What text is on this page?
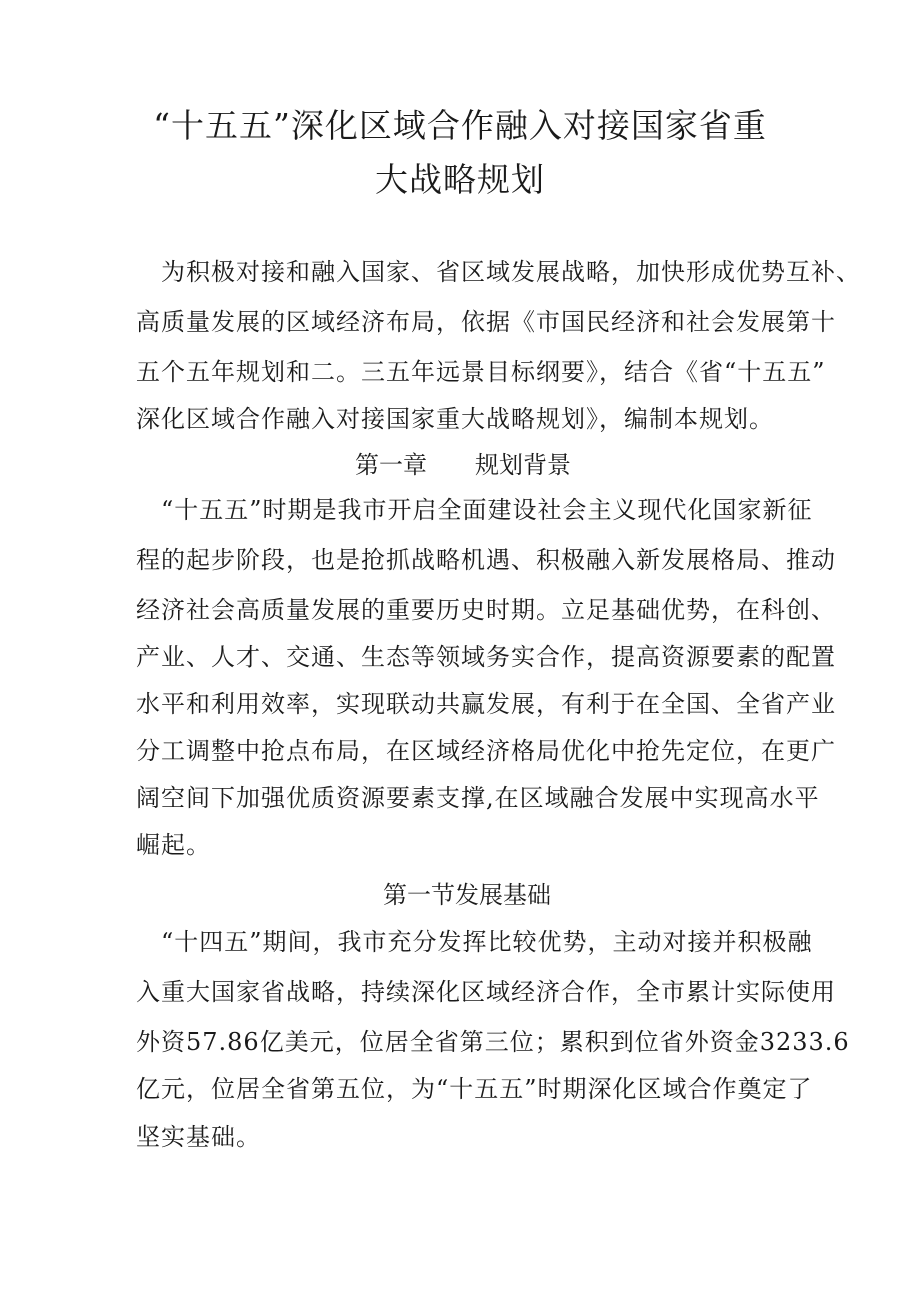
“十五五”深化区域合作融入对接国家省重
大战略规划
为积极对接和融入国家、省区域发展战略，加快形成优势互补、
高质量发展的区域经济布局，依据《市国民经济和社会发展第十
五个五年规划和二。三五年远景目标纲要》，结合《省“十五五”
深化区域合作融入对接国家重大战略规划》，编制本规划。
第一章 规划背景
“十五五”时期是我市开启全面建设社会主义现代化国家新征
程的起步阶段，也是抢抓战略机遇、积极融入新发展格局、推动
经济社会高质量发展的重要历史时期。立足基础优势，在科创、
产业、人才、交通、生态等领域务实合作，提高资源要素的配置
水平和利用效率，实现联动共赢发展，有利于在全国、全省产业
分工调整中抢点布局，在区域经济格局优化中抢先定位，在更广
阔空间下加强优质资源要素支撑,在区域融合发展中实现高水平
崛起。
第一节发展基础
“十四五”期间，我市充分发挥比较优势，主动对接并积极融
入重大国家省战略，持续深化区域经济合作，全市累计实际使用
外资57.86亿美元，位居全省第三位；累积到位省外资金3233.6
亿元，位居全省第五位，为“十五五”时期深化区域合作奠定了
坚实基础。
